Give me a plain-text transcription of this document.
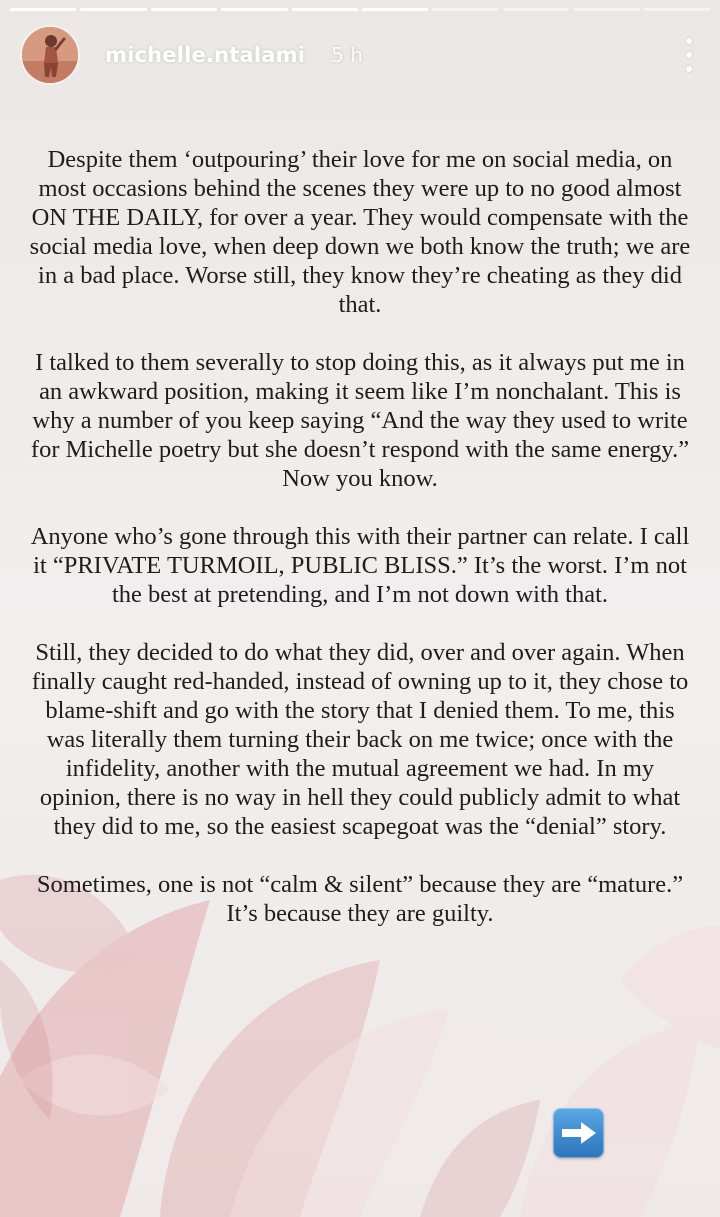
michelle.ntalami 5 h

Despite them ‘outpouring’ their love for me on social media, on most occasions behind the scenes they were up to no good almost ON THE DAILY, for over a year. They would compensate with the social media love, when deep down we both know the truth; we are in a bad place. Worse still, they know they’re cheating as they did that.

I talked to them severally to stop doing this, as it always put me in an awkward position, making it seem like I’m nonchalant. This is why a number of you keep saying “And the way they used to write for Michelle poetry but she doesn’t respond with the same energy.” Now you know.

Anyone who’s gone through this with their partner can relate. I call it “PRIVATE TURMOIL, PUBLIC BLISS.” It’s the worst. I’m not the best at pretending, and I’m not down with that.

Still, they decided to do what they did, over and over again. When finally caught red-handed, instead of owning up to it, they chose to blame-shift and go with the story that I denied them. To me, this was literally them turning their back on me twice; once with the infidelity, another with the mutual agreement we had. In my opinion, there is no way in hell they could publicly admit to what they did to me, so the easiest scapegoat was the “denial” story.

Sometimes, one is not “calm & silent” because they are “mature.” It’s because they are guilty.
